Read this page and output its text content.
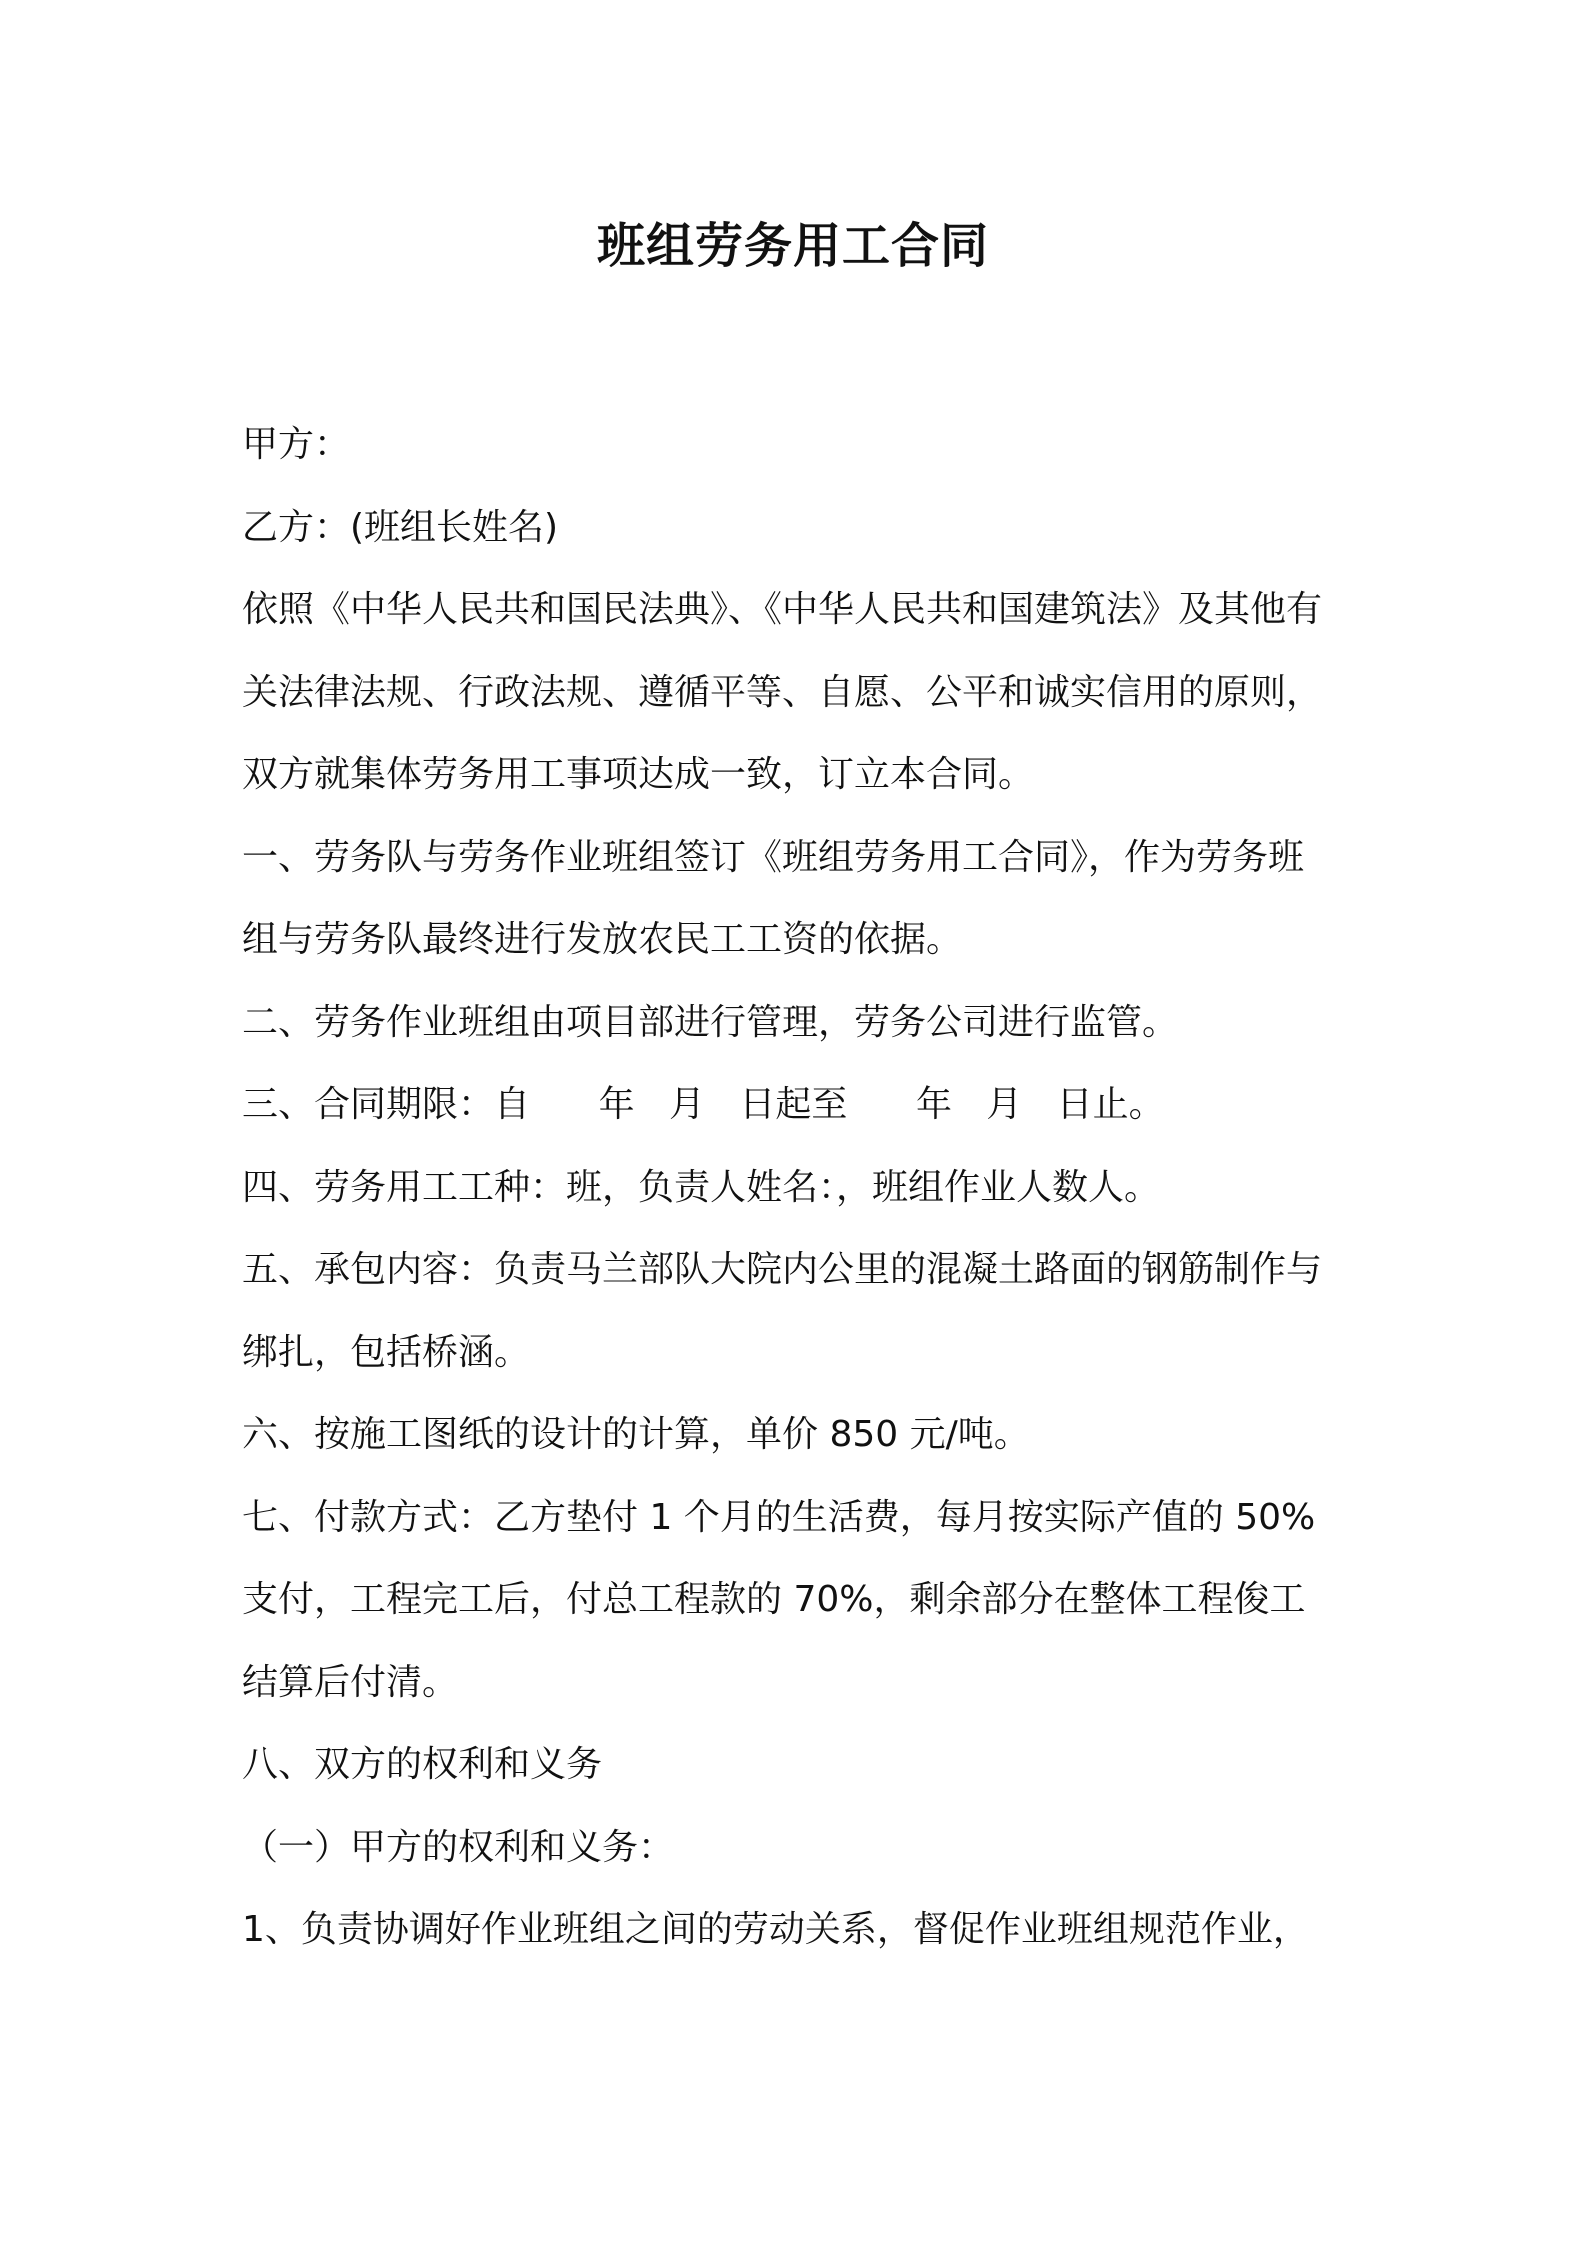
班组劳务用工合同
甲方：
乙方：(班组长姓名)
依照《中华人民共和国民法典》、《中华人民共和国建筑法》及其他有
关法律法规、行政法规、遵循平等、自愿、公平和诚实信用的原则，
双方就集体劳务用工事项达成一致，订立本合同。
一、劳务队与劳务作业班组签订《班组劳务用工合同》，作为劳务班
组与劳务队最终进行发放农民工工资的依据。
二、劳务作业班组由项目部进行管理，劳务公司进行监管。
三、合同期限：自      年   月   日起至      年   月   日止。
四、劳务用工工种：班，负责人姓名：，班组作业人数人。
五、承包内容：负责马兰部队大院内公里的混凝土路面的钢筋制作与
绑扎，包括桥涵。
六、按施工图纸的设计的计算，单价 850 元/吨。
七、付款方式：乙方垫付 1 个月的生活费，每月按实际产值的 50%
支付，工程完工后，付总工程款的 70%，剩余部分在整体工程俊工
结算后付清。
八、双方的权利和义务
（一）甲方的权利和义务：
1、负责协调好作业班组之间的劳动关系，督促作业班组规范作业，
